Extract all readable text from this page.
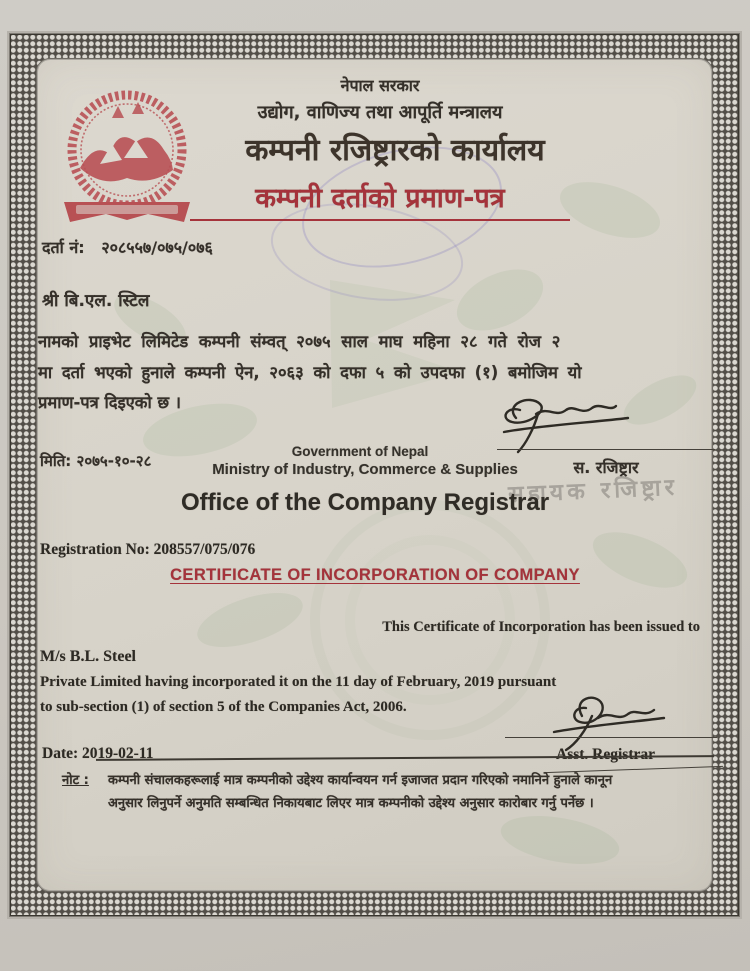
नेपाल सरकार
उद्योग, वाणिज्य तथा आपूर्ति मन्त्रालय
कम्पनी रजिष्ट्रारको कार्यालय
कम्पनी दर्ताको प्रमाण-पत्र
दर्ता नं: २०८५५७/०७५/०७६
श्री बि.एल. स्टिल
नामको प्राइभेट लिमिटेड कम्पनी संम्वत् २०७५ साल माघ महिना २८ गते रोज २
मा दर्ता भएको हुनाले कम्पनी ऐन, २०६३ को दफा ५ को उपदफा (१) बमोजिम यो
प्रमाण-पत्र दिइएको छ ।
स. रजिष्ट्रार
मिति: २०७५-१०-२८
सहायक रजिष्ट्रार
Government of Nepal
Ministry of Industry, Commerce & Supplies
Office of the Company Registrar
Registration No: 208557/075/076
CERTIFICATE OF INCORPORATION OF COMPANY
This Certificate of Incorporation has been issued to
M/s B.L. Steel
Private Limited having incorporated it on the 11 day of February, 2019 pursuant
to sub-section (1) of section 5 of the Companies Act, 2006.
Date: 2019-02-11	Asst. Registrar
नोट : कम्पनी संचालकहरूलाई मात्र कम्पनीको उद्देश्य कार्यान्वयन गर्न इजाजत प्रदान गरिएको नमानिने हुनाले कानून
अनुसार लिनुपर्ने अनुमति सम्बन्धित निकायबाट लिएर मात्र कम्पनीको उद्देश्य अनुसार कारोबार गर्नु पर्नेछ ।
